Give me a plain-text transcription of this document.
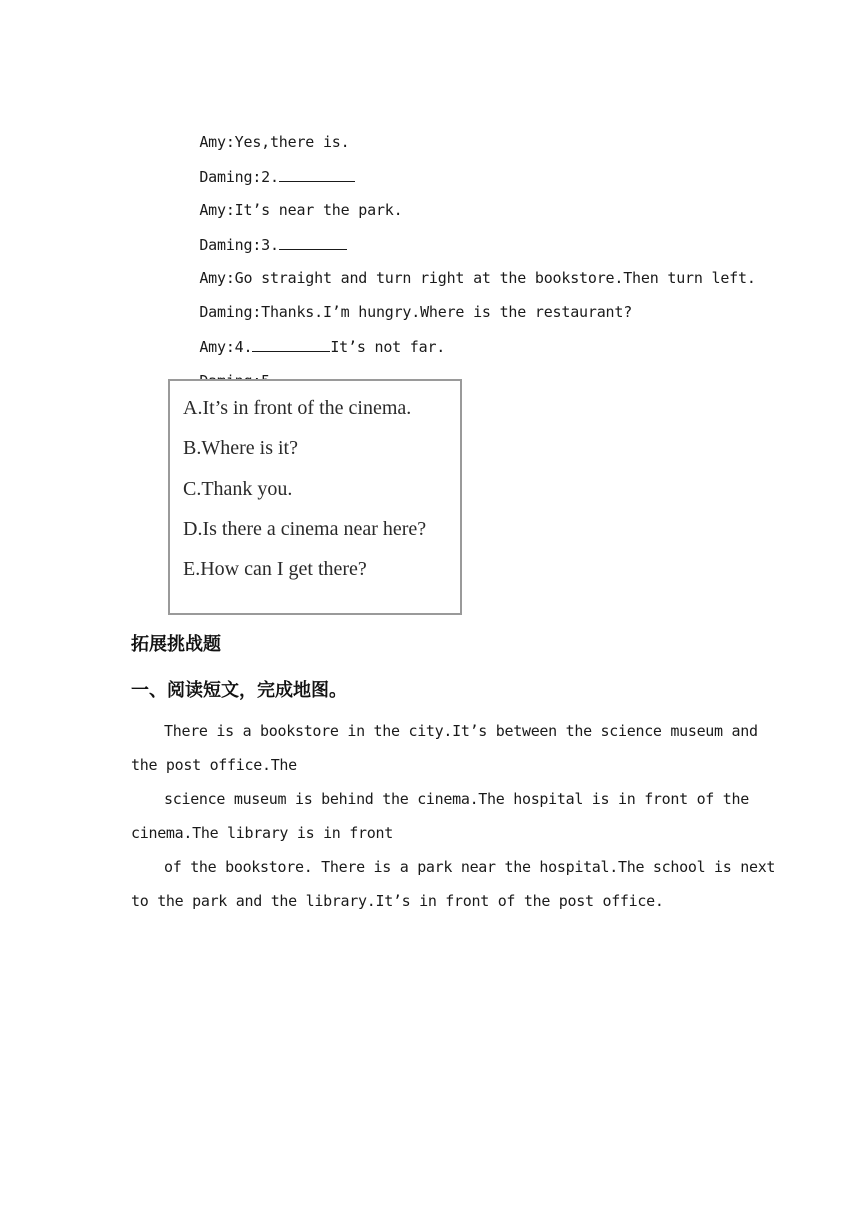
Amy:Yes,there is.

Daming:2.

Amy:It’s near the park.

Daming:3.

Amy:Go straight and turn right at the bookstore.Then turn left.

Daming:Thanks.I’m hungry.Where is the restaurant?

Amy:4.	It’s not far.

A.It’s in front of the cinema.
B.Where is it?
C.Thank you.
D.Is there a cinema near here?
E.How can I get there?
拓展挑战题
一、阅读短文，完成地图。
There is a bookstore in the city.It’s between the science museum and
the post office.The
science museum is behind the cinema.The hospital is in front of the
cinema.The library is in front
of the bookstore. There is a park near the hospital.The school is next
to the park and the library.It’s in front of the post office.
